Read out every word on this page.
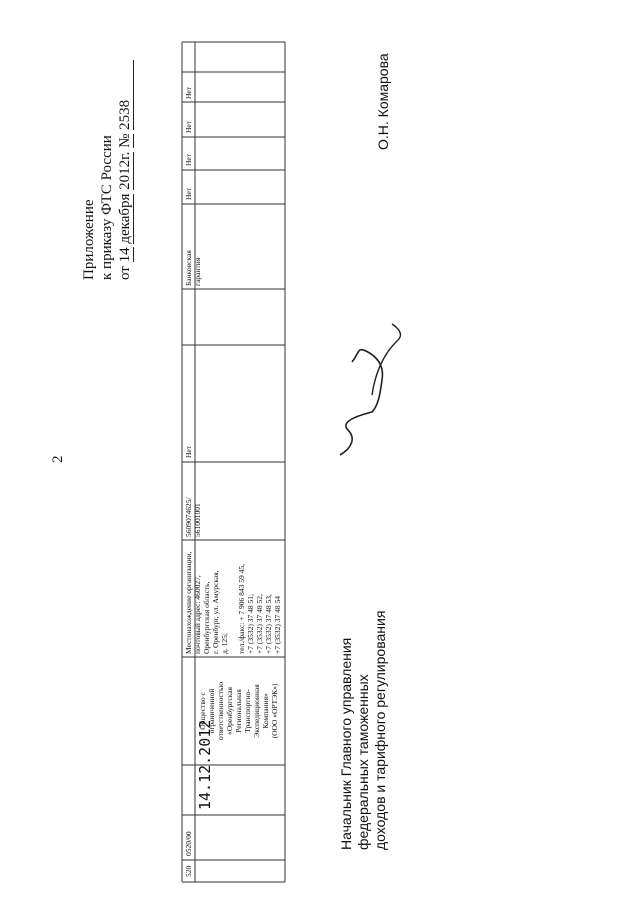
2
Приложение к приказу ФТС России от 14 декабря 2012г. № 2538
520
0520/00
14.12.2012
Общество с ограниченной ответственностью «Оренбургская Региональная Транспортно- Экспедиционная Компания» (ООО «ОРТЭК»)
Местонахождение организации, почтовый адрес: 460027, Оренбургская область, г. Оренбург, ул. Амурская, д. 125; тел./факс: + 7 906 843 59 45, +7 (3532) 37 48 51; +7 (3532) 37 48 52, +7 (3532) 37 48 53, +7 (3532) 37 48 54
5609074625/ 561001001
Нет
Банковская гарантия
Нет
Нет
Нет
Нет
Начальник Главного управления федеральных таможенных доходов и тарифного регулирования
О.Н. Комарова
